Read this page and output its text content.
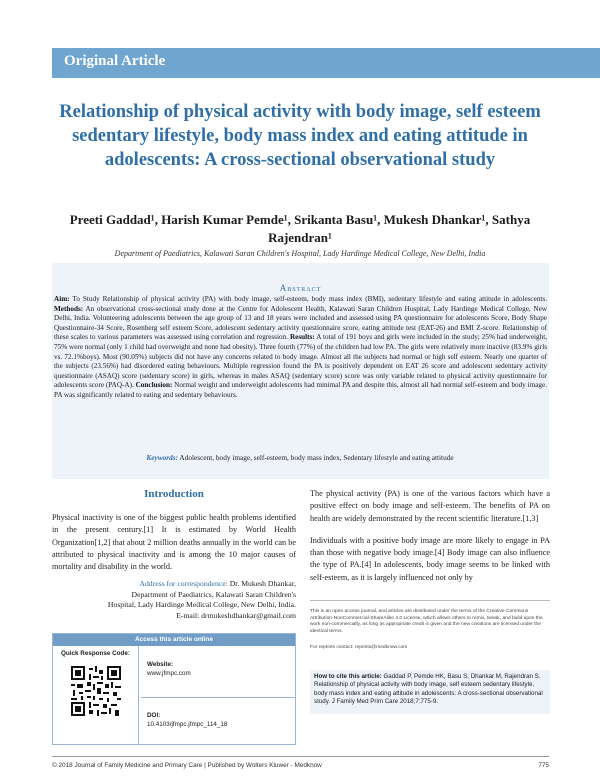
Original Article
Relationship of physical activity with body image, self esteem sedentary lifestyle, body mass index and eating attitude in adolescents: A cross-sectional observational study
Preeti Gaddad¹, Harish Kumar Pemde¹, Srikanta Basu¹, Mukesh Dhankar¹, Sathya Rajendran¹
Department of Paediatrics, Kalawati Saran Children's Hospital, Lady Hardinge Medical College, New Delhi, India
Abstract
Aim: To Study Relationship of physical activity (PA) with body image, self-esteem, body mass index (BMI), sedentary lifestyle and eating attitude in adolescents. Methods: An observational cross-sectional study done at the Centre for Adolescent Health, Kalawati Saran Children Hospital, Lady Hardinge Medical College, New Delhi, India. Volunteering adolescents between the age group of 13 and 18 years were included and assessed using PA questionnaire for adolescents Score, Body Shape Questionnaire-34 Score, Rosenberg self esteem Score, adolescent sedentary activity questionnaire score, eating attitude test (EAT-26) and BMI Z-score. Relationship of these scales to various parameters was assessed using correlation and regression. Results: A total of 191 boys and girls were included in the study; 25% had underweight, 75% were normal (only 1 child had overweight and none had obesity). Three fourth (77%) of the children had low PA. The girls were relatively more inactive (83.9% girls vs. 72.1%boys). Most (90.05%) subjects did not have any concerns related to body image. Almost all the subjects had normal or high self esteem. Nearly one quarter of the subjects (23.56%) had disordered eating behaviours. Multiple regression found the PA is positively dependent on EAT 26 score and adolescent sedentary activity questionnaire (ASAQ) score (sedentary score) in girls, whereas in males ASAQ (sedentary score) score was only variable related to physical activity questionnaire for adolescents score (PAQ-A). Conclusion: Normal weight and underweight adolescents had minimal PA and despite this, almost all had normal self-esteem and body image. PA was significantly related to eating and sedentary behaviours.
Keywords: Adolescent, body image, self-esteem, body mass index, Sedentary lifestyle and eating attitude
Introduction

Physical inactivity is one of the biggest public health problems identified in the present century.[1] It is estimated by World Health Organization[1,2] that about 2 million deaths annually in the world can be attributed to physical inactivity and is among the 10 major causes of mortality and disability in the world.

The physical activity (PA) is one of the various factors which have a positive effect on body image and self-esteem. The benefits of PA on health are widely demonstrated by the recent scientific literature.[1,3]

Individuals with a positive body image are more likely to engage in PA than those with negative body image.[4] Body image can also influence the type of PA.[4] In adolescents, body image seems to be linked with self-esteem, as it is largely influenced not only by

Address for correspondence: Dr. Mukesh Dhankar,
Department of Paediatrics, Kalawati Saran Children's
Hospital, Lady Hardinge Medical College, New Delhi, India.
E-mail: drmukeshdhankar@gmail.com
Access this article online
Quick Response Code:
Website:
www.jfmpc.com
DOI:
10.4103/jfmpc.jfmpc_114_18
This is an open access journal, and articles are distributed under the terms of the Creative Commons Attribution-NonCommercial-ShareAlike 4.0 License, which allows others to remix, tweak, and build upon the work non-commercially, as long as appropriate credit is given and the new creations are licensed under the identical terms.
For reprints contact: reprints@medknow.com
How to cite this article: Gaddad P, Pemde HK, Basu S, Dhankar M, Rajendran S. Relationship of physical activity with body image, self esteem sedentary lifestyle, body mass index and eating attitude in adolescents: A cross-sectional observational study. J Family Med Prim Care 2018;7:775-9.
© 2018 Journal of Family Medicine and Primary Care | Published by Wolters Kluwer - Medknow	775
